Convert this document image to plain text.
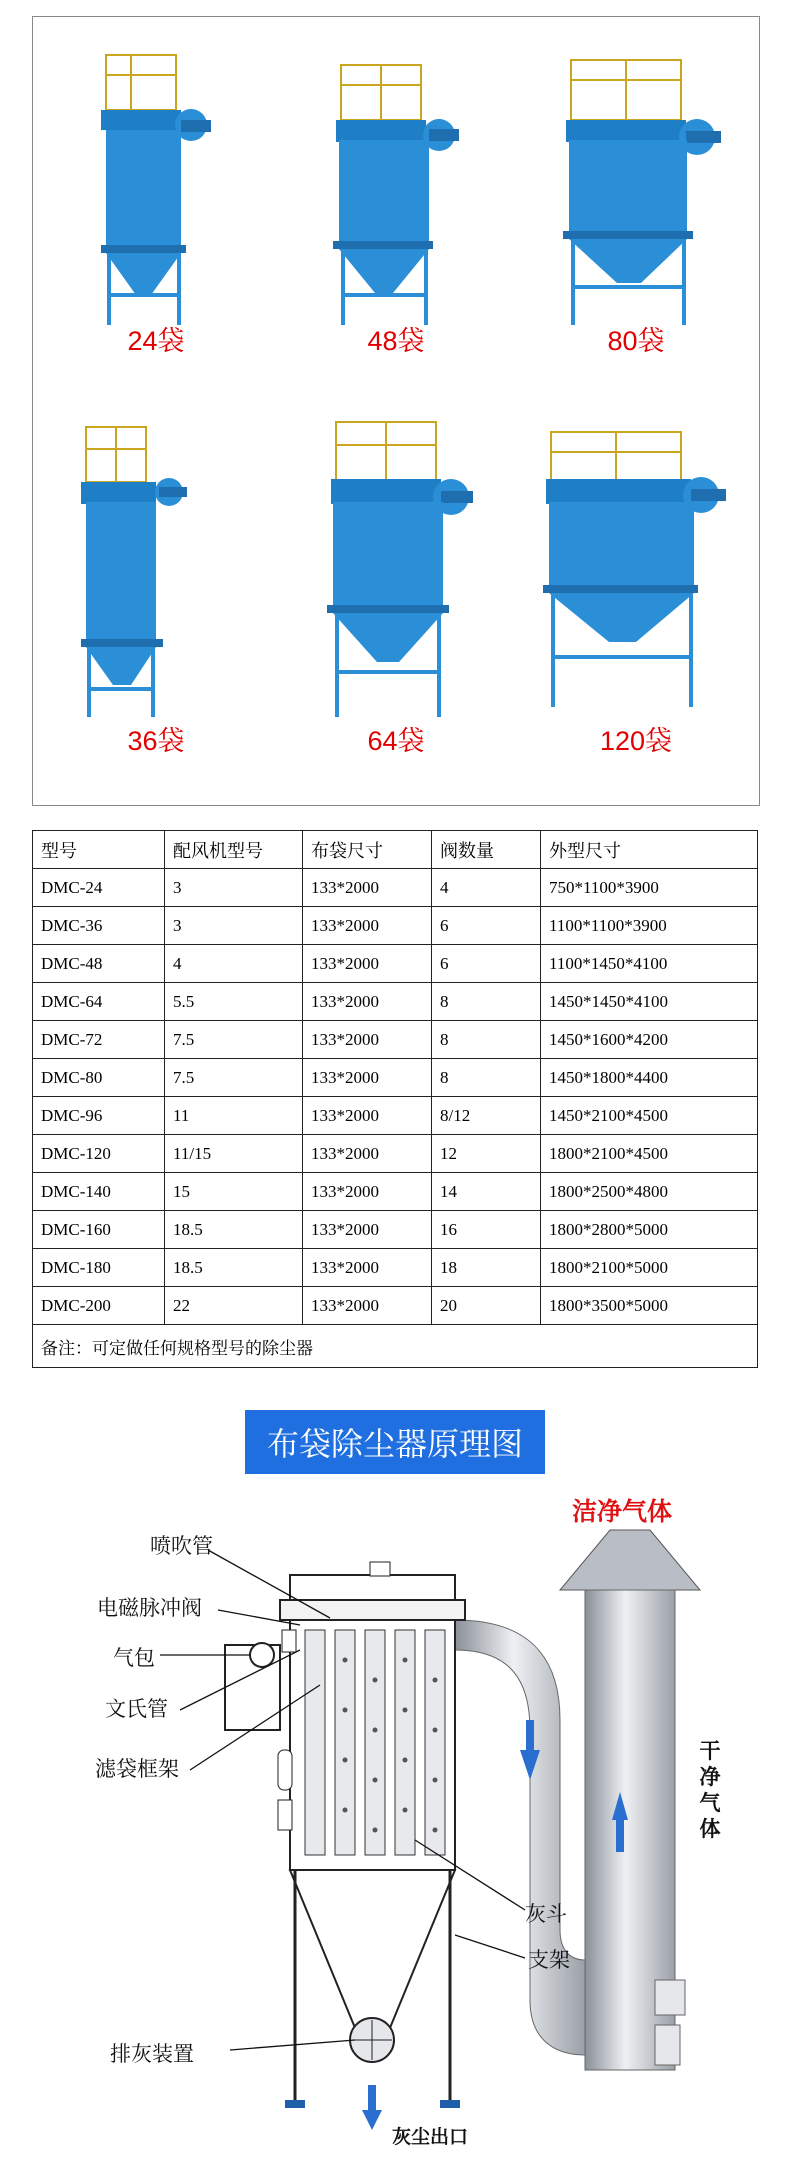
24袋	48袋	80袋
36袋	64袋	120袋
型号	配风机型号	布袋尺寸	阀数量	外型尺寸
DMC-24	3	133*2000	4	750*1100*3900
DMC-36	3	133*2000	6	1100*1100*3900
DMC-48	4	133*2000	6	1100*1450*4100
DMC-64	5.5	133*2000	8	1450*1450*4100
DMC-72	7.5	133*2000	8	1450*1600*4200
DMC-80	7.5	133*2000	8	1450*1800*4400
DMC-96	11	133*2000	8/12	1450*2100*4500
DMC-120	11/15	133*2000	12	1800*2100*4500
DMC-140	15	133*2000	14	1800*2500*4800
DMC-160	18.5	133*2000	16	1800*2800*5000
DMC-180	18.5	133*2000	18	1800*2100*5000
DMC-200	22	133*2000	20	1800*3500*5000
备注：可定做任何规格型号的除尘器				
布袋除尘器原理图
喷吹管
电磁脉冲阀
气包
文氏管
滤袋框架
灰斗
支架
排灰装置
灰尘出口
洁净气体
干净气体
